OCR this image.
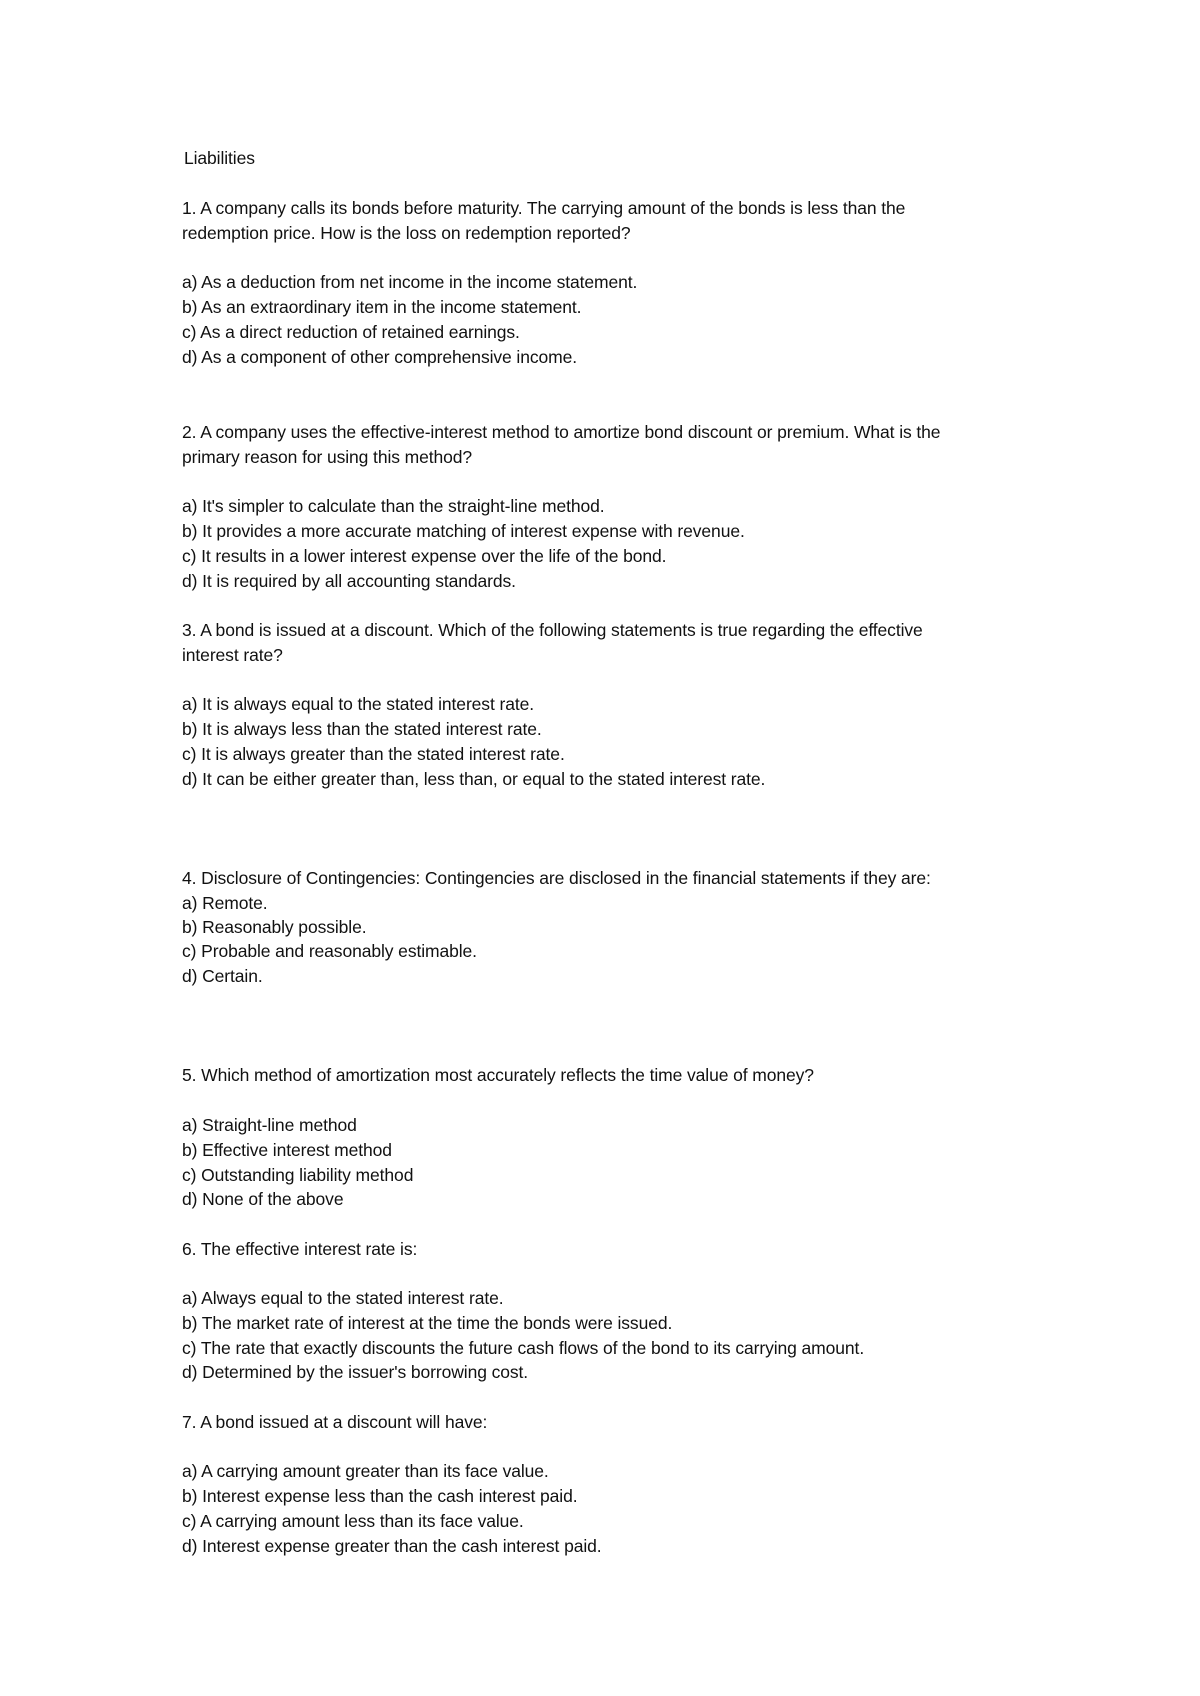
Liabilities
1. A company calls its bonds before maturity. The carrying amount of the bonds is less than the
redemption price. How is the loss on redemption reported?
a) As a deduction from net income in the income statement.
b) As an extraordinary item in the income statement.
c) As a direct reduction of retained earnings.
d) As a component of other comprehensive income.
2. A company uses the effective-interest method to amortize bond discount or premium. What is the
primary reason for using this method?
a) It's simpler to calculate than the straight-line method.
b) It provides a more accurate matching of interest expense with revenue.
c) It results in a lower interest expense over the life of the bond.
d) It is required by all accounting standards.
3. A bond is issued at a discount. Which of the following statements is true regarding the effective
interest rate?
a) It is always equal to the stated interest rate.
b) It is always less than the stated interest rate.
c) It is always greater than the stated interest rate.
d) It can be either greater than, less than, or equal to the stated interest rate.
4. Disclosure of Contingencies: Contingencies are disclosed in the financial statements if they are:
a) Remote.
b) Reasonably possible.
c) Probable and reasonably estimable.
d) Certain.
5. Which method of amortization most accurately reflects the time value of money?
a) Straight-line method
b) Effective interest method
c) Outstanding liability method
d) None of the above
6. The effective interest rate is:
a) Always equal to the stated interest rate.
b) The market rate of interest at the time the bonds were issued.
c) The rate that exactly discounts the future cash flows of the bond to its carrying amount.
d) Determined by the issuer's borrowing cost.
7. A bond issued at a discount will have:
a) A carrying amount greater than its face value.
b) Interest expense less than the cash interest paid.
c) A carrying amount less than its face value.
d) Interest expense greater than the cash interest paid.
